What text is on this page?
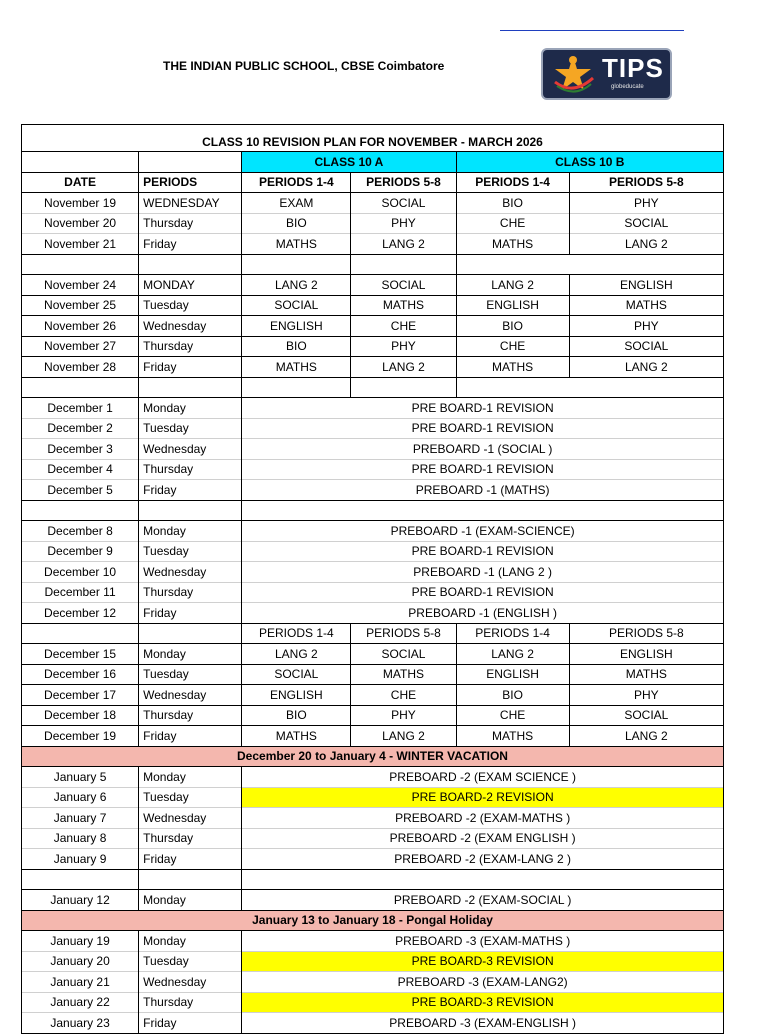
THE INDIAN PUBLIC SCHOOL, CBSE Coimbatore	TIPS
globeducate
CLASS 10 REVISION PLAN FOR NOVEMBER - MARCH 2026					
		CLASS 10 A		CLASS 10 B	
DATE	PERIODS	PERIODS 1-4	PERIODS 5-8	PERIODS 1-4	PERIODS 5-8
November 19	WEDNESDAY	EXAM	SOCIAL	BIO	PHY
November 20	Thursday	BIO	PHY	CHE	SOCIAL
November 21	Friday	MATHS	LANG 2	MATHS	LANG 2

November 24	MONDAY	LANG 2	SOCIAL	LANG 2	ENGLISH
November 25	Tuesday	SOCIAL	MATHS	ENGLISH	MATHS
November 26	Wednesday	ENGLISH	CHE	BIO	PHY
November 27	Thursday	BIO	PHY	CHE	SOCIAL
November 28	Friday	MATHS	LANG 2	MATHS	LANG 2

December 1	Monday	PRE BOARD-1 REVISION			
December 2	Tuesday	PRE BOARD-1 REVISION			
December 3	Wednesday	PREBOARD -1 (SOCIAL )			
December 4	Thursday	PRE BOARD-1 REVISION			
December 5	Friday	PREBOARD -1 (MATHS)			

December 8	Monday	PREBOARD -1 (EXAM-SCIENCE)			
December 9	Tuesday	PRE BOARD-1 REVISION			
December 10	Wednesday	PREBOARD -1 (LANG 2 )			
December 11	Thursday	PRE BOARD-1 REVISION			
December 12	Friday	PREBOARD -1 (ENGLISH )			
		PERIODS 1-4	PERIODS 5-8	PERIODS 1-4	PERIODS 5-8
December 15	Monday	LANG 2	SOCIAL	LANG 2	ENGLISH
December 16	Tuesday	SOCIAL	MATHS	ENGLISH	MATHS
December 17	Wednesday	ENGLISH	CHE	BIO	PHY
December 18	Thursday	BIO	PHY	CHE	SOCIAL
December 19	Friday	MATHS	LANG 2	MATHS	LANG 2
December 20 to January 4 - WINTER VACATION					
January 5	Monday	PREBOARD -2 (EXAM SCIENCE )			
January 6	Tuesday	PRE BOARD-2 REVISION			
January 7	Wednesday	PREBOARD -2 (EXAM-MATHS )			
January 8	Thursday	PREBOARD -2 (EXAM ENGLISH )			
January 9	Friday	PREBOARD -2 (EXAM-LANG 2 )			

January 12	Monday	PREBOARD -2 (EXAM-SOCIAL )			
January 13 to January 18 - Pongal Holiday					
January 19	Monday	PREBOARD -3 (EXAM-MATHS )			
January 20	Tuesday	PRE BOARD-3 REVISION			
January 21	Wednesday	PREBOARD -3 (EXAM-LANG2)			
January 22	Thursday	PRE BOARD-3 REVISION			
January 23	Friday	PREBOARD -3 (EXAM-ENGLISH )			
